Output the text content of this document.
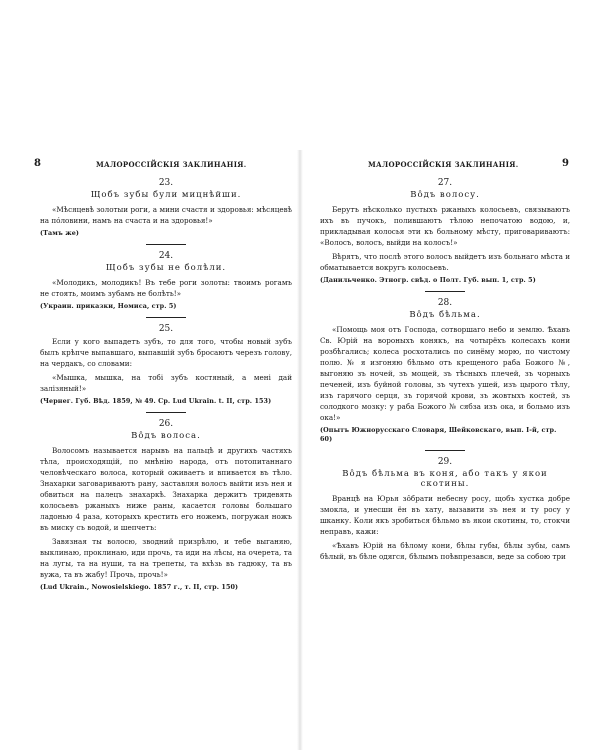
8	МАЛОРОССІЙСКІЯ ЗАКЛИНАНІЯ.
23.
Щобъ зубы були мицнѣйши.
«Мѣсяцевѣ золотыи роги, а мини счастя и здоровья: мѣсяцевѣ на пóловини, намъ на счаста и на здоровья!»
(Тамъ же)
24.
Щобъ зубы не болѣли.
«Молодикъ, молодикъ! Въ тебе роги золоты: твоимъ рогамъ не стоять, моимъ зубамъ не болѣть!»
(Украин. приказки, Номиса, стр. 5)
25.
Если у кого выпадетъ зубъ, то для того, чтобы новый зубъ былъ крѣпче выпавшаго, выпавшій зубъ бросаютъ черезъ голову, на чердакъ, со словами:
«Мышка, мышка, на тобі зубъ костяный, а мені дай залізяный!»
(Чернег. Губ. Вѣд. 1859, № 49. Ср. Lud Ukrain. t. II, стр. 153)
26.
Вôдъ волоса.
Волосомъ называется нарывъ на пальцѣ и другихъ частяхъ тѣла, происходящій, по мнѣнію народа, отъ потопитаннаго человѣческаго волоса, который оживаетъ и впивается въ тѣло. Знахарки заговариваютъ рану, заставляя волосъ выйти изъ нея и обвиться на палецъ знахаркѣ. Знахарка держитъ тридевять колосьевъ ржаныхъ ниже раны, касается головы большаго ладонью 4 раза, которыхъ крестить его ножемъ, погружая ножъ въ миску съ водой, и шепчетъ:
Завязная ты волосю, зводний призрѣлю, и тебе выганяю, выклинаю, проклинаю, иди прочь, та иди на лѣсы, на очерета, та на лугы, та на нуши, та на трепеты, та вхѣзь въ гадюку, та въ вужа, та въ жабу! Прочь, прочь!»
(Lud Ukrain., Nowosielskiego. 1857 г., т. II, стр. 150)
МАЛОРОССІЙСКІЯ ЗАКЛИНАНІЯ.	9
27.
Вôдъ волосу.
Берутъ нѣсколько пустыхъ ржаныхъ колосьевъ, связываютъ ихъ въ пучокъ, полившаютъ тѣлою непочатою водою, и, прикладывая колосья эти къ больному мѣсту, приговариваютъ: «Волосъ, волосъ, выйди на колосъ!»
Вѣрятъ, что послѣ этого волосъ выйдетъ изъ больнаго мѣста и обматывается вокругъ колосьевъ.
(Данильченко. Этногр. свѣд. о Полт. Губ. вып. 1, стр. 5)
28.
Вôдъ бѣльма.
«Помощь моя отъ Господа, сотворшаго небо и землю. Ѣхавъ Св. Юрій на вороныхъ конякъ, на чотырёхъ колесахъ кони розбѣгались; колеса росхотались по синёму морю, по чистому полю. № я изгоняю бѣльмо отъ крещеного раба Божого №, выгоняю зъ ночей, зъ мощей, зъ тѣсныхъ плечей, зъ чорныхъ печеней, изъ буйной головы, зъ чутехъ ушей, изъ цырого тѣлу, изъ гарячого серця, зъ горячой крови, зъ жовтыхъ костей, зъ солодкого мозку: у раба Божого № сябза изъ ока, и больмо изъ ока!»
(Опытъ Южнорусскаго Словаря, Шейковскаго, вып. I-й, стр. 60)
29.
Вôдъ бѣльма въ коня, або такъ у якои скотины.
Вранцѣ на Юрья зôбрати небесну росу, щобъ хустка добре змокла, и унесши ён въ хату, вызавити зъ нея и ту росу у шканку. Коли якъ зробиться бѣльмо въ якои скотины, то, стокчи неправъ, кажи:
«Ѣхавъ Юрій на бѣлому кони, бѣлы губы, бѣлы зубы, самъ бѣлый, въ бѣле одягся, бѣлымъ поѣвпрезався, веде за собою три
